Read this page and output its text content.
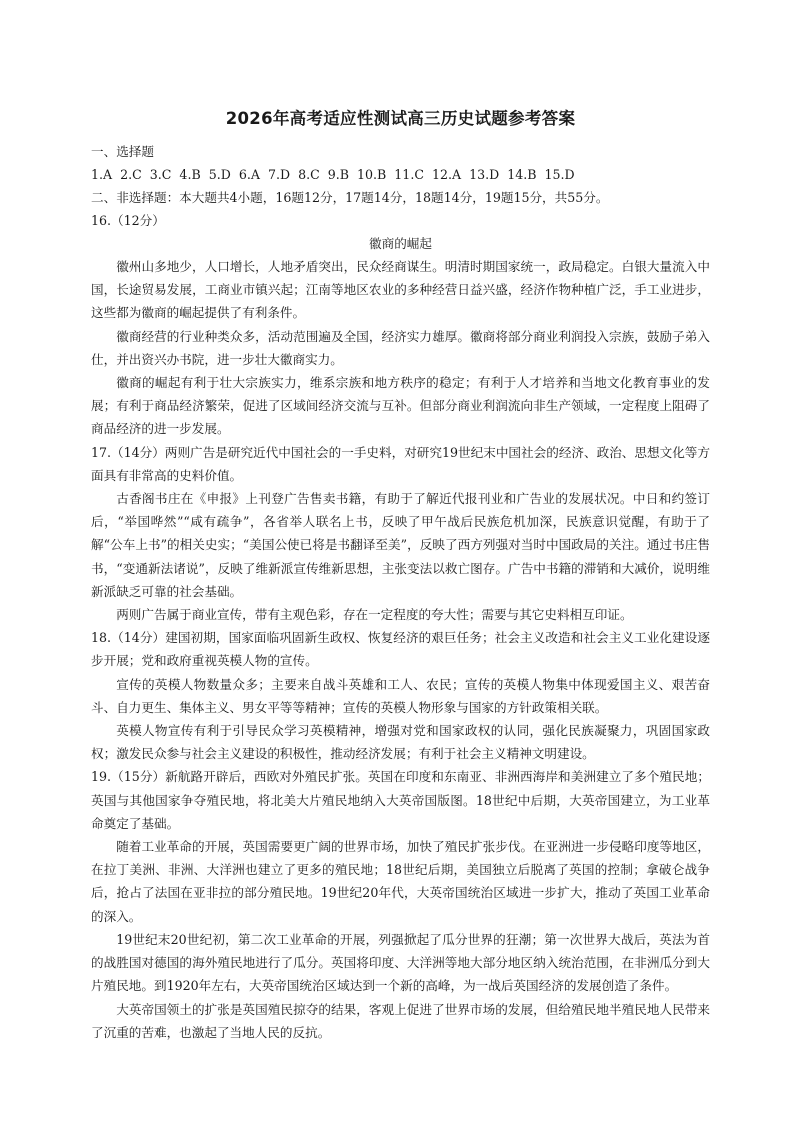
2026年高考适应性测试高三历史试题参考答案

一、选择题

1.A  2.C  3.C  4.B  5.D  6.A  7.D  8.C  9.B  10.B  11.C  12.A  13.D  14.B  15.D

二、非选择题：本大题共4小题，16题12分，17题14分，18题14分，19题15分，共55分。

16.（12分）

徽商的崛起

徽州山多地少，人口增长，人地矛盾突出，民众经商谋生。明清时期国家统一，政局稳定。白银大量流入中国，长途贸易发展，工商业市镇兴起；江南等地区农业的多种经营日益兴盛，经济作物种植广泛，手工业进步，这些都为徽商的崛起提供了有利条件。

徽商经营的行业种类众多，活动范围遍及全国，经济实力雄厚。徽商将部分商业利润投入宗族，鼓励子弟入仕，并出资兴办书院，进一步壮大徽商实力。

徽商的崛起有利于壮大宗族实力，维系宗族和地方秩序的稳定；有利于人才培养和当地文化教育事业的发展；有利于商品经济繁荣，促进了区域间经济交流与互补。但部分商业利润流向非生产领域，一定程度上阻碍了商品经济的进一步发展。

17.（14分）两则广告是研究近代中国社会的一手史料，对研究19世纪末中国社会的经济、政治、思想文化等方面具有非常高的史料价值。

古香阁书庄在《申报》上刊登广告售卖书籍，有助于了解近代报刊业和广告业的发展状况。中日和约签订后，“举国哗然”“咸有疏争”，各省举人联名上书，反映了甲午战后民族危机加深，民族意识觉醒，有助于了解“公车上书”的相关史实；“美国公使已将是书翻译至美”，反映了西方列强对当时中国政局的关注。通过书庄售书，“变通新法诸说”，反映了维新派宣传维新思想，主张变法以救亡图存。广告中书籍的滞销和大减价，说明维新派缺乏可靠的社会基础。

两则广告属于商业宣传，带有主观色彩，存在一定程度的夸大性；需要与其它史料相互印证。

18.（14分）建国初期，国家面临巩固新生政权、恢复经济的艰巨任务；社会主义改造和社会主义工业化建设逐步开展；党和政府重视英模人物的宣传。

宣传的英模人物数量众多；主要来自战斗英雄和工人、农民；宣传的英模人物集中体现爱国主义、艰苦奋斗、自力更生、集体主义、男女平等等精神；宣传的英模人物形象与国家的方针政策相关联。

英模人物宣传有利于引导民众学习英模精神，增强对党和国家政权的认同，强化民族凝聚力，巩固国家政权；激发民众参与社会主义建设的积极性，推动经济发展；有利于社会主义精神文明建设。

19.（15分）新航路开辟后，西欧对外殖民扩张。英国在印度和东南亚、非洲西海岸和美洲建立了多个殖民地；英国与其他国家争夺殖民地，将北美大片殖民地纳入大英帝国版图。18世纪中后期，大英帝国建立，为工业革命奠定了基础。

随着工业革命的开展，英国需要更广阔的世界市场，加快了殖民扩张步伐。在亚洲进一步侵略印度等地区，在拉丁美洲、非洲、大洋洲也建立了更多的殖民地；18世纪后期，美国独立后脱离了英国的控制；拿破仑战争后，抢占了法国在亚非拉的部分殖民地。19世纪20年代，大英帝国统治区域进一步扩大，推动了英国工业革命的深入。

19世纪末20世纪初，第二次工业革命的开展，列强掀起了瓜分世界的狂潮；第一次世界大战后，英法为首的战胜国对德国的海外殖民地进行了瓜分。英国将印度、大洋洲等地大部分地区纳入统治范围，在非洲瓜分到大片殖民地。到1920年左右，大英帝国统治区域达到一个新的高峰，为一战后英国经济的发展创造了条件。

大英帝国领土的扩张是英国殖民掠夺的结果，客观上促进了世界市场的发展，但给殖民地半殖民地人民带来了沉重的苦难，也激起了当地人民的反抗。
